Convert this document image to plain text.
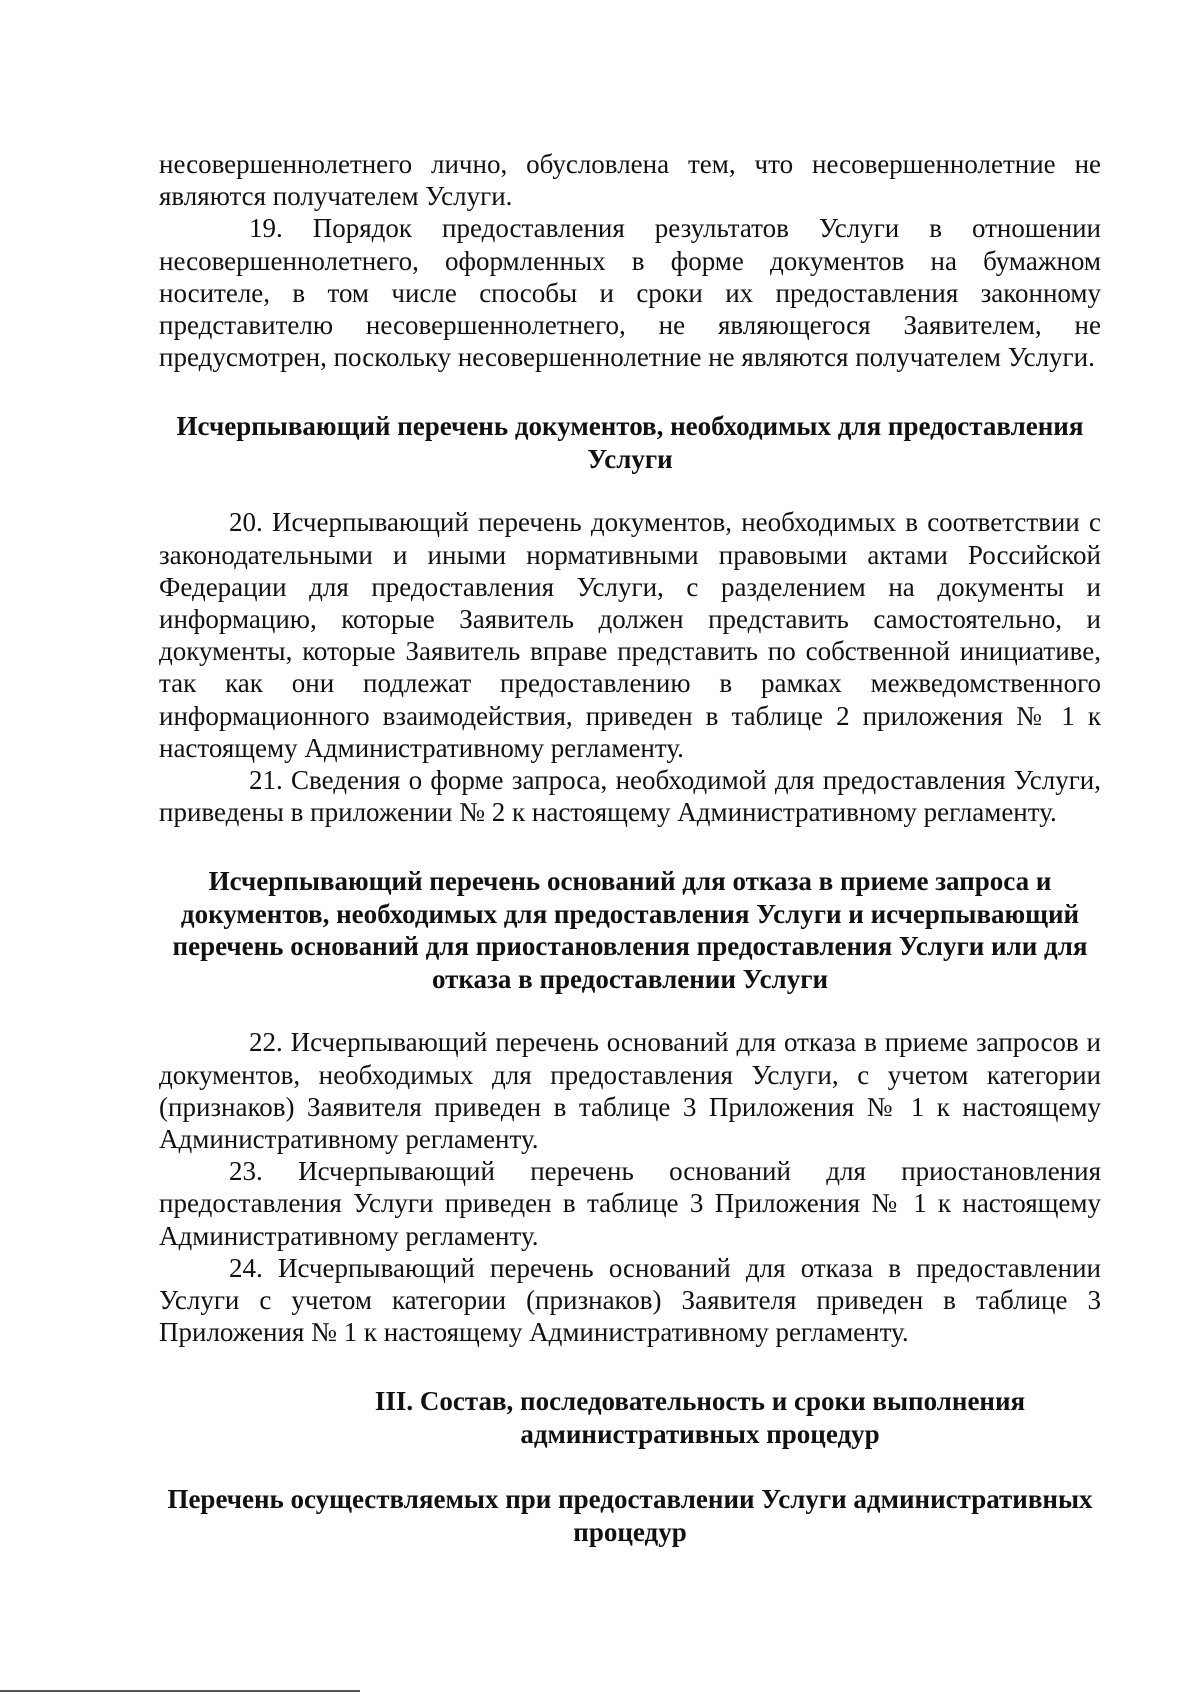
несовершеннолетнего лично, обусловлена тем, что несовершеннолетние не являются получателем Услуги.

19. Порядок предоставления результатов Услуги в отношении несовершеннолетнего, оформленных в форме документов на бумажном носителе, в том числе способы и сроки их предоставления законному представителю несовершеннолетнего, не являющегося Заявителем, не предусмотрен, поскольку несовершеннолетние не являются получателем Услуги.

Исчерпывающий перечень документов, необходимых для предоставления Услуги

20. Исчерпывающий перечень документов, необходимых в соответствии с законодательными и иными нормативными правовыми актами Российской Федерации для предоставления Услуги, с разделением на документы и информацию, которые Заявитель должен представить самостоятельно, и документы, которые Заявитель вправе представить по собственной инициативе, так как они подлежат предоставлению в рамках межведомственного информационного взаимодействия, приведен в таблице 2 приложения № 1 к настоящему Административному регламенту.

21. Сведения о форме запроса, необходимой для предоставления Услуги, приведены в приложении № 2 к настоящему Административному регламенту.

Исчерпывающий перечень оснований для отказа в приеме запроса и документов, необходимых для предоставления Услуги и исчерпывающий перечень оснований для приостановления предоставления Услуги или для отказа в предоставлении Услуги

22. Исчерпывающий перечень оснований для отказа в приеме запросов и документов, необходимых для предоставления Услуги, с учетом категории (признаков) Заявителя приведен в таблице 3 Приложения № 1 к настоящему Административному регламенту.

23. Исчерпывающий перечень оснований для приостановления предоставления Услуги приведен в таблице 3 Приложения № 1 к настоящему Административному регламенту.

24. Исчерпывающий перечень оснований для отказа в предоставлении Услуги с учетом категории (признаков) Заявителя приведен в таблице 3 Приложения № 1 к настоящему Административному регламенту.

III. Состав, последовательность и сроки выполнения административных процедур

Перечень осуществляемых при предоставлении Услуги административных процедур
